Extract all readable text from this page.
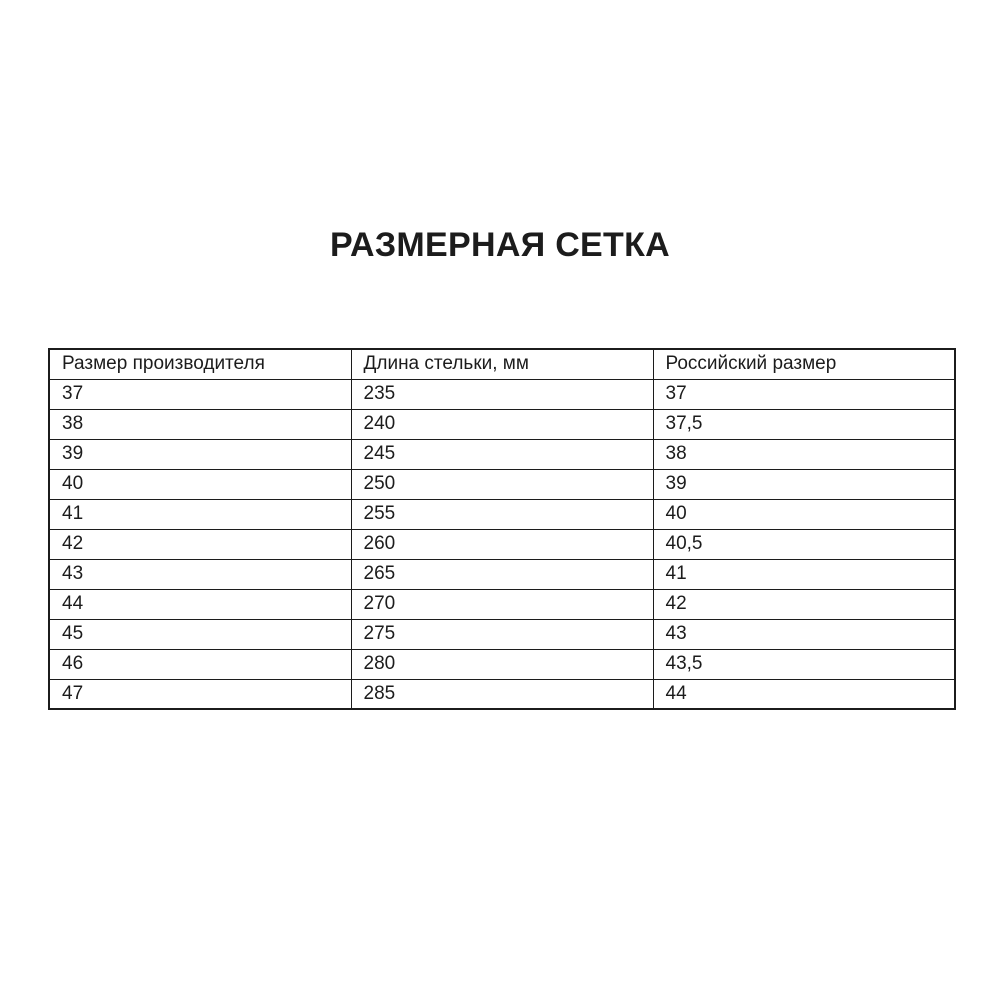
РАЗМЕРНАЯ СЕТКА
Размер производителя	Длина стельки, мм	Российский размер
37	235	37
38	240	37,5
39	245	38
40	250	39
41	255	40
42	260	40,5
43	265	41
44	270	42
45	275	43
46	280	43,5
47	285	44
